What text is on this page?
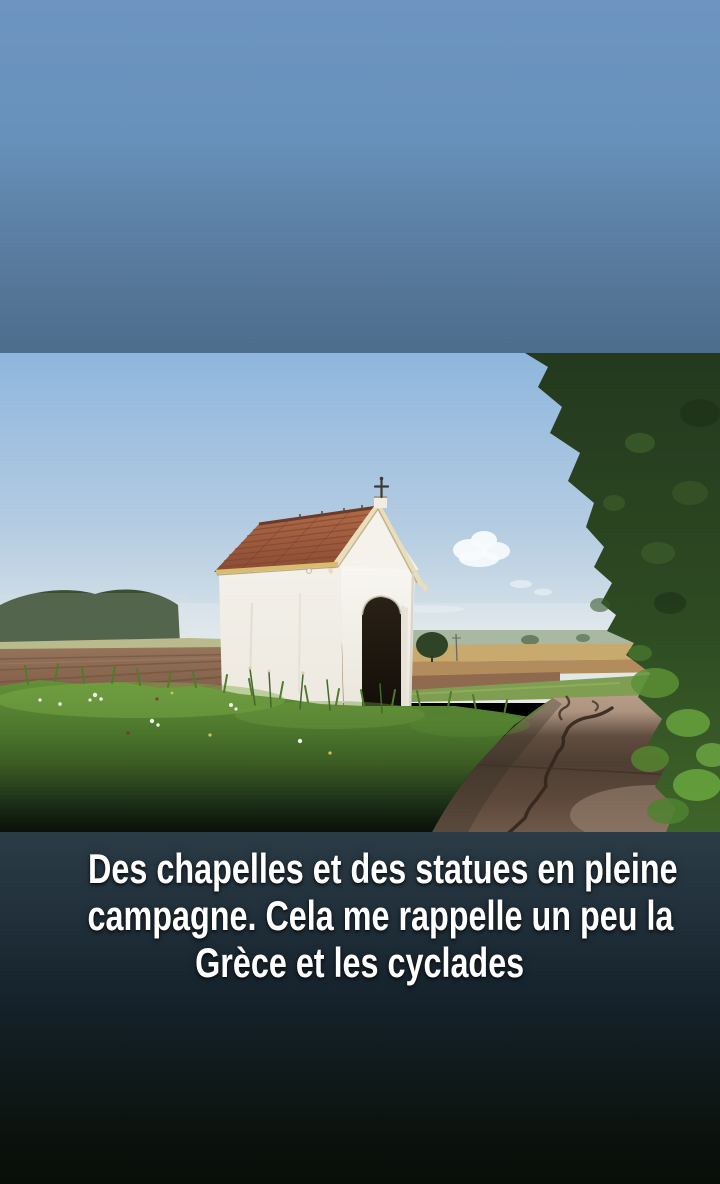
Des chapelles et des statues en pleine
campagne. Cela me rappelle un peu la
Grèce et les cyclades
